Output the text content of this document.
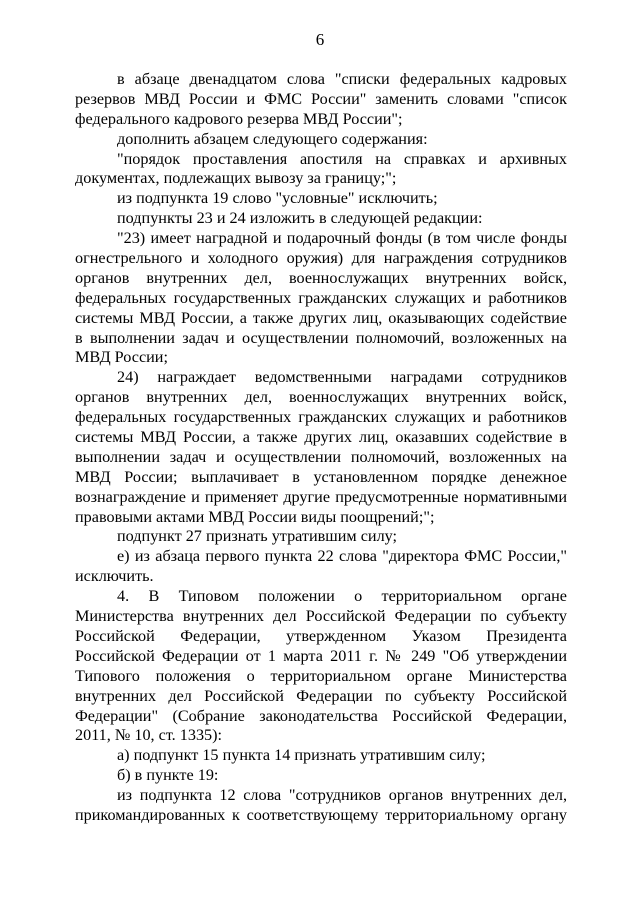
6
в абзаце двенадцатом слова "списки федеральных кадровых
резервов МВД России и ФМС России" заменить словами "список
федерального кадрового резерва МВД России";
дополнить абзацем следующего содержания:
"порядок проставления апостиля на справках и архивных
документах, подлежащих вывозу за границу;";
из подпункта 19 слово "условные" исключить;
подпункты 23 и 24 изложить в следующей редакции:
"23) имеет наградной и подарочный фонды (в том числе фонды
огнестрельного и холодного оружия) для награждения сотрудников
органов внутренних дел, военнослужащих внутренних войск,
федеральных государственных гражданских служащих и работников
системы МВД России, а также других лиц, оказывающих содействие
в выполнении задач и осуществлении полномочий, возложенных на
МВД России;
24) награждает ведомственными наградами сотрудников
органов внутренних дел, военнослужащих внутренних войск,
федеральных государственных гражданских служащих и работников
системы МВД России, а также других лиц, оказавших содействие в
выполнении задач и осуществлении полномочий, возложенных на
МВД России; выплачивает в установленном порядке денежное
вознаграждение и применяет другие предусмотренные нормативными
правовыми актами МВД России виды поощрений;";
подпункт 27 признать утратившим силу;
е) из абзаца первого пункта 22 слова "директора ФМС России,"
исключить.
4. В Типовом положении о территориальном органе
Министерства внутренних дел Российской Федерации по субъекту
Российской Федерации, утвержденном Указом Президента
Российской Федерации от 1 марта 2011 г. № 249 "Об утверждении
Типового положения о территориальном органе Министерства
внутренних дел Российской Федерации по субъекту Российской
Федерации" (Собрание законодательства Российской Федерации,
2011, № 10, ст. 1335):
а) подпункт 15 пункта 14 признать утратившим силу;
б) в пункте 19:
из подпункта 12 слова "сотрудников органов внутренних дел,
прикомандированных к соответствующему территориальному органу
